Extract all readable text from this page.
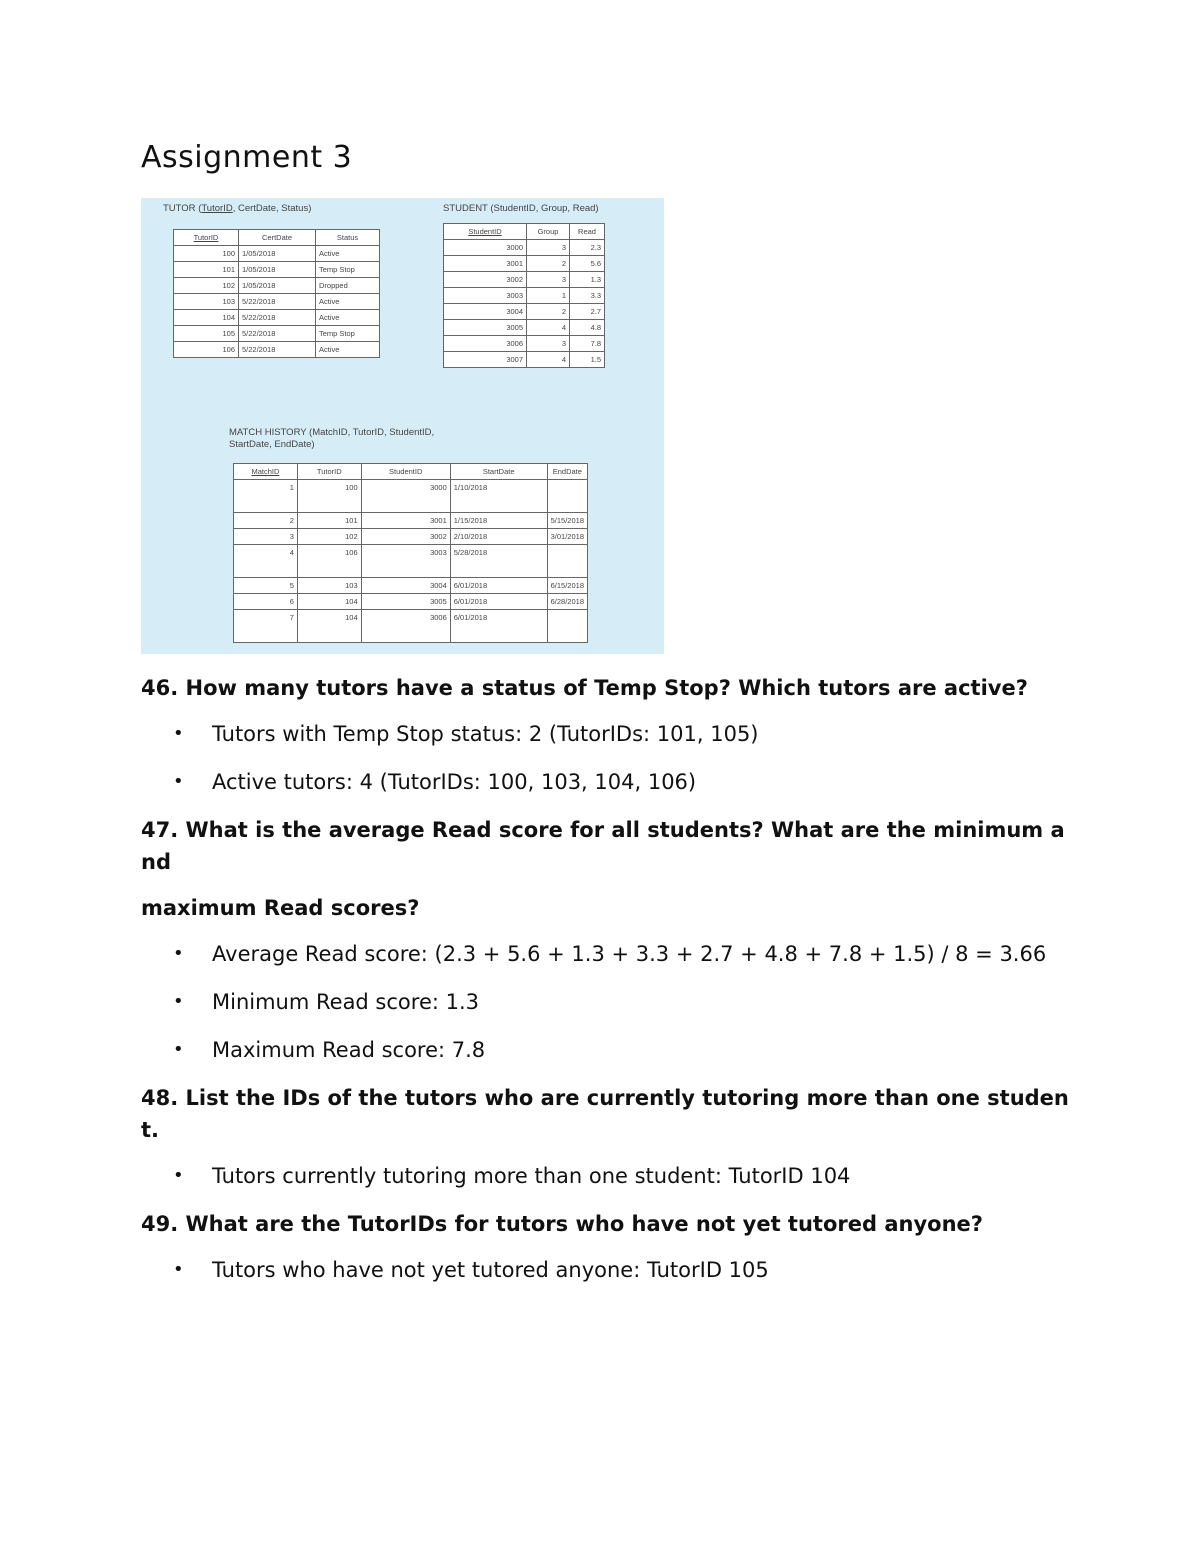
Assignment 3

TUTOR (TutorID, CertDate, Status)

TutorID	CertDate	Status
100	1/05/2018	Active
101	1/05/2018	Temp Stop
102	1/05/2018	Dropped
103	5/22/2018	Active
104	5/22/2018	Active
105	5/22/2018	Temp Stop
106	5/22/2018	Active

STUDENT (StudentID, Group, Read)

StudentID	Group	Read
3000	3	2.3
3001	2	5.6
3002	3	1.3
3003	1	3.3
3004	2	2.7
3005	4	4.8
3006	3	7.8
3007	4	1.5

MATCH HISTORY (MatchID, TutorID, StudentID,
StartDate, EndDate)

MatchID	TutorID	StudentID	StartDate	EndDate
1	100	3000	1/10/2018	
2	101	3001	1/15/2018	5/15/2018
3	102	3002	2/10/2018	3/01/2018
4	106	3003	5/28/2018	
5	103	3004	6/01/2018	6/15/2018
6	104	3005	6/01/2018	6/28/2018
7	104	3006	6/01/2018	

46. How many tutors have a status of Temp Stop? Which tutors are active?

• Tutors with Temp Stop status: 2 (TutorIDs: 101, 105)
• Active tutors: 4 (TutorIDs: 100, 103, 104, 106)

47. What is the average Read score for all students? What are the minimum and

maximum Read scores?

• Average Read score: (2.3 + 5.6 + 1.3 + 3.3 + 2.7 + 4.8 + 7.8 + 1.5) / 8 = 3.66
• Minimum Read score: 1.3
• Maximum Read score: 7.8

48. List the IDs of the tutors who are currently tutoring more than one student.

• Tutors currently tutoring more than one student: TutorID 104

49. What are the TutorIDs for tutors who have not yet tutored anyone?

• Tutors who have not yet tutored anyone: TutorID 105
